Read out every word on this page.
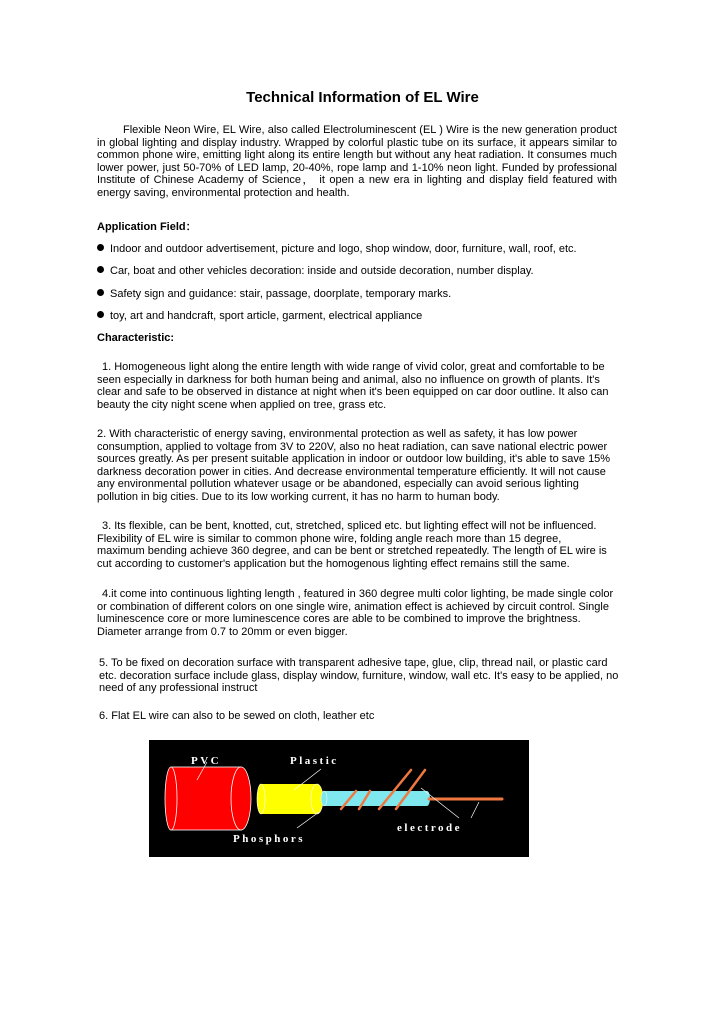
Technical Information of EL Wire
Flexible Neon Wire, EL Wire, also called Electroluminescent (EL ) Wire is the new generation product in global lighting and display industry. Wrapped by colorful plastic tube on its surface, it appears similar to common phone wire, emitting light along its entire length but without any heat radiation. It consumes much lower power, just 50-70% of LED lamp, 20-40%, rope lamp and 1-10% neon light. Funded by professional Institute of Chinese Academy of Science， it open a new era in lighting and display field featured with energy saving, environmental protection and health.
Application Field：
Indoor and outdoor advertisement, picture and logo, shop window, door, furniture, wall, roof, etc.
Car, boat and other vehicles decoration: inside and outside decoration, number display.
Safety sign and guidance: stair, passage, doorplate, temporary marks.
toy, art and handcraft, sport article, garment, electrical appliance
Characteristic:
1. Homogeneous light along the entire length with wide range of vivid color, great and comfortable to be seen especially in darkness for both human being and animal, also no influence on growth of plants. It's clear and safe to be observed in distance at night when it's been equipped on car door outline. It also can beauty the city night scene when applied on tree, grass etc.
2. With characteristic of energy saving, environmental protection as well as safety, it has low power consumption, applied to voltage from 3V to 220V, also no heat radiation, can save national electric power sources greatly. As per present suitable application in indoor or outdoor low building, it's able to save 15% darkness decoration power in cities. And decrease environmental temperature efficiently. It will not cause any environmental pollution whatever usage or be abandoned, especially can avoid serious lighting pollution in big cities. Due to its low working current, it has no harm to human body.
3. Its flexible, can be bent, knotted, cut, stretched, spliced etc. but lighting effect will not be influenced. Flexibility of EL wire is similar to common phone wire, folding angle reach more than 15 degree, maximum bending achieve 360 degree, and can be bent or stretched repeatedly. The length of EL wire is cut according to customer's application but the homogenous lighting effect remains still the same.
4.it come into continuous lighting length , featured in 360 degree multi color lighting, be made single color or combination of different colors on one single wire, animation effect is achieved by circuit control. Single luminescence core or more luminescence cores are able to be combined to improve the brightness. Diameter arrange from 0.7 to 20mm or even bigger.
5. To be fixed on decoration surface with transparent adhesive tape, glue, clip, thread nail, or plastic card etc. decoration surface include glass, display window, furniture, window, wall etc. It's easy to be applied, no need of any professional instruct
6. Flat EL wire can also to be sewed on cloth, leather etc
PVC	Plastic
Phosphors
electrode
